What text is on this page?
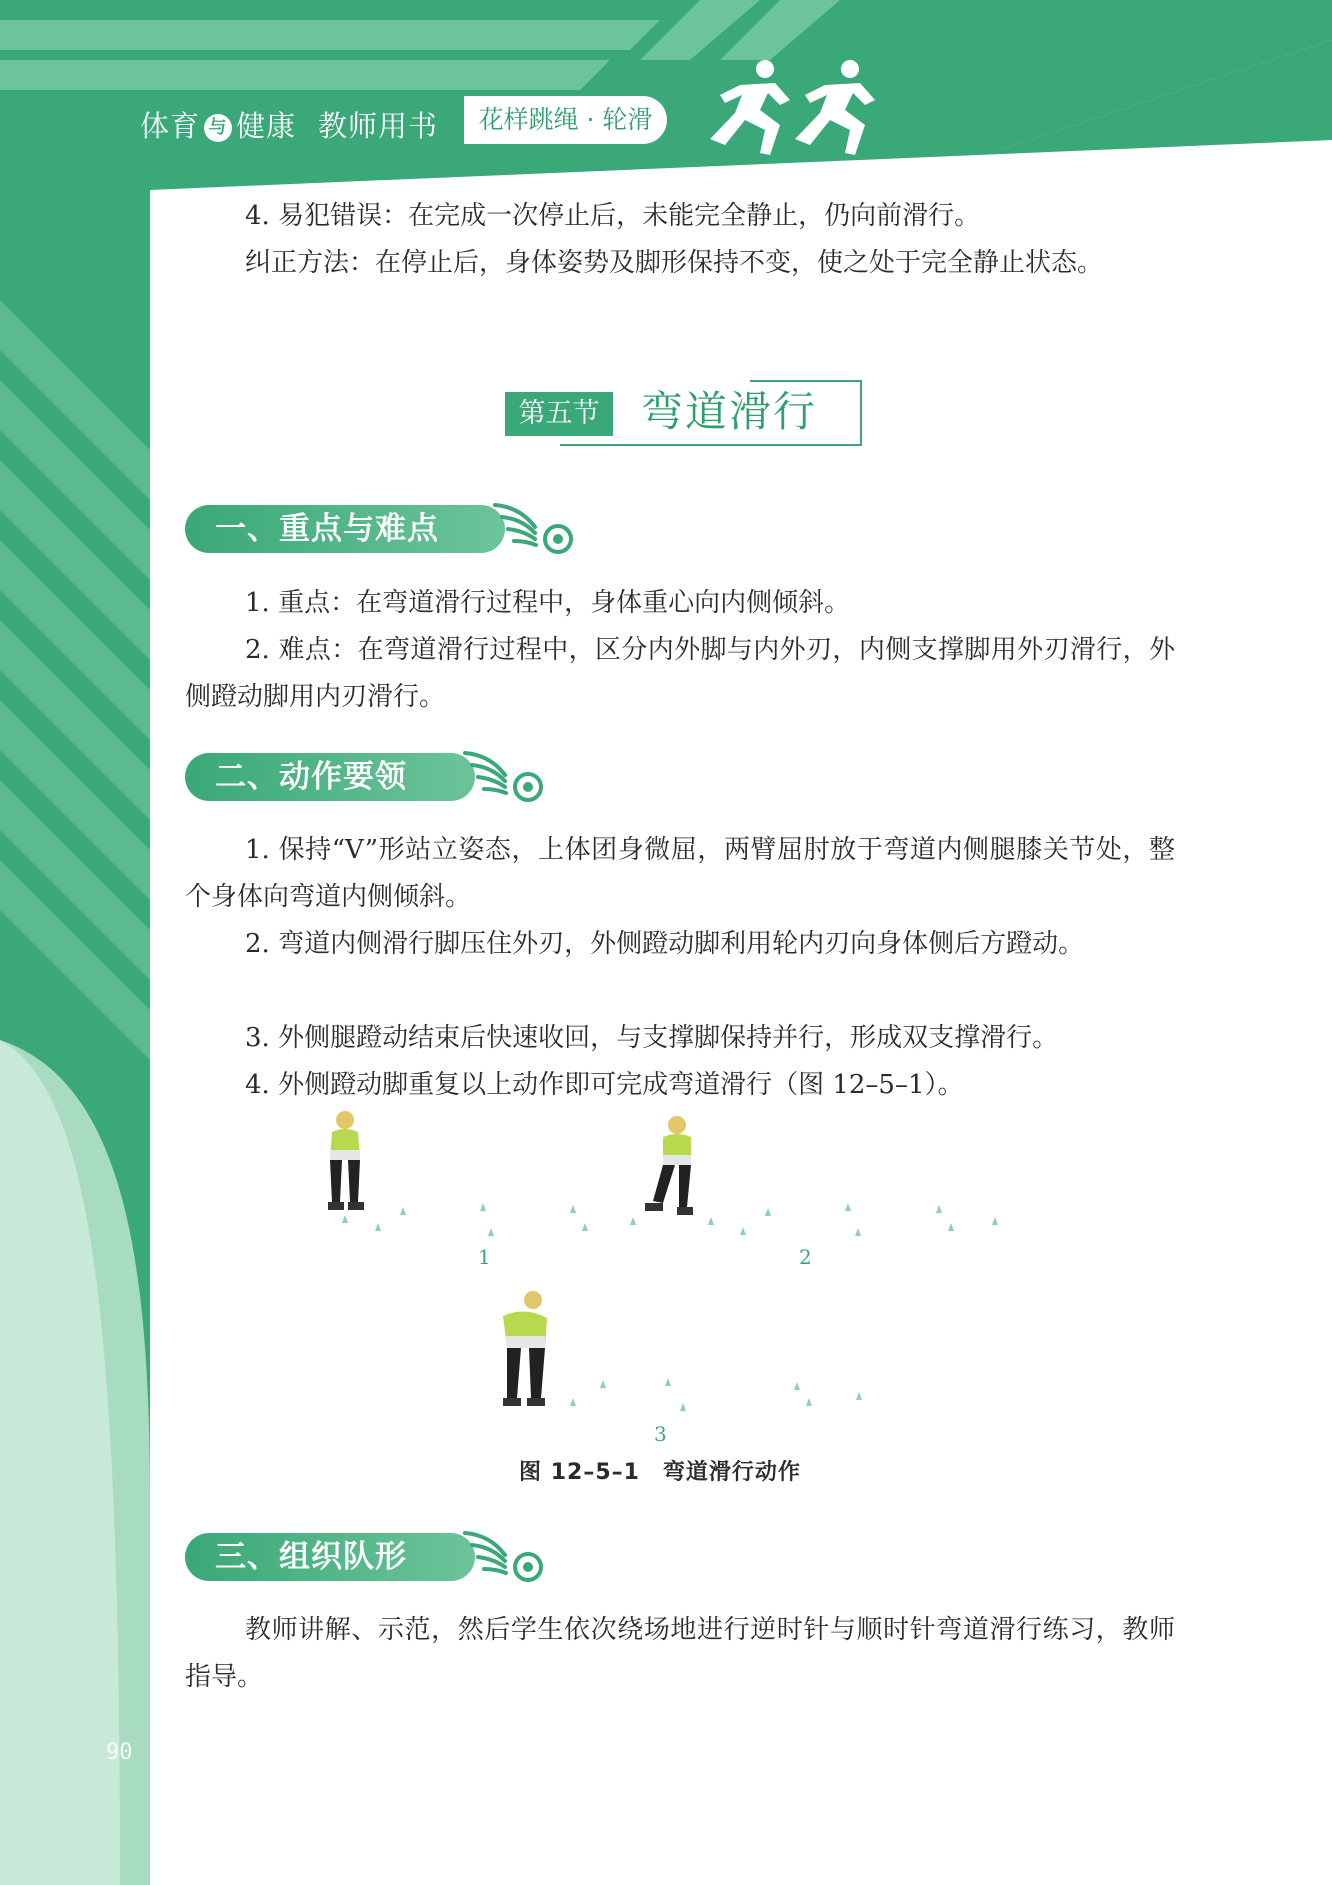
体育 与 健康 教师用书	花样跳绳 · 轮滑

4. 易犯错误：在完成一次停止后，未能完全静止，仍向前滑行。

纠正方法：在停止后，身体姿势及脚形保持不变，使之处于完全静止状态。

第五节 弯道滑行
一、重点与难点

1. 重点：在弯道滑行过程中，身体重心向内侧倾斜。

2. 难点：在弯道滑行过程中，区分内外脚与内外刃，内侧支撑脚用外刃滑行，外侧蹬动脚用内刃滑行。

二、动作要领

1. 保持“V”形站立姿态，上体团身微屈，两臂屈肘放于弯道内侧腿膝关节处，整个身体向弯道内侧倾斜。

2. 弯道内侧滑行脚压住外刃，外侧蹬动脚利用轮内刃向身体侧后方蹬动。

3. 外侧腿蹬动结束后快速收回，与支撑脚保持并行，形成双支撑滑行。

4. 外侧蹬动脚重复以上动作即可完成弯道滑行（图 12–5–1）。

1	2
3
图 12–5–1　弯道滑行动作
三、组织队形

教师讲解、示范，然后学生依次绕场地进行逆时针与顺时针弯道滑行练习，教师指导。

90
